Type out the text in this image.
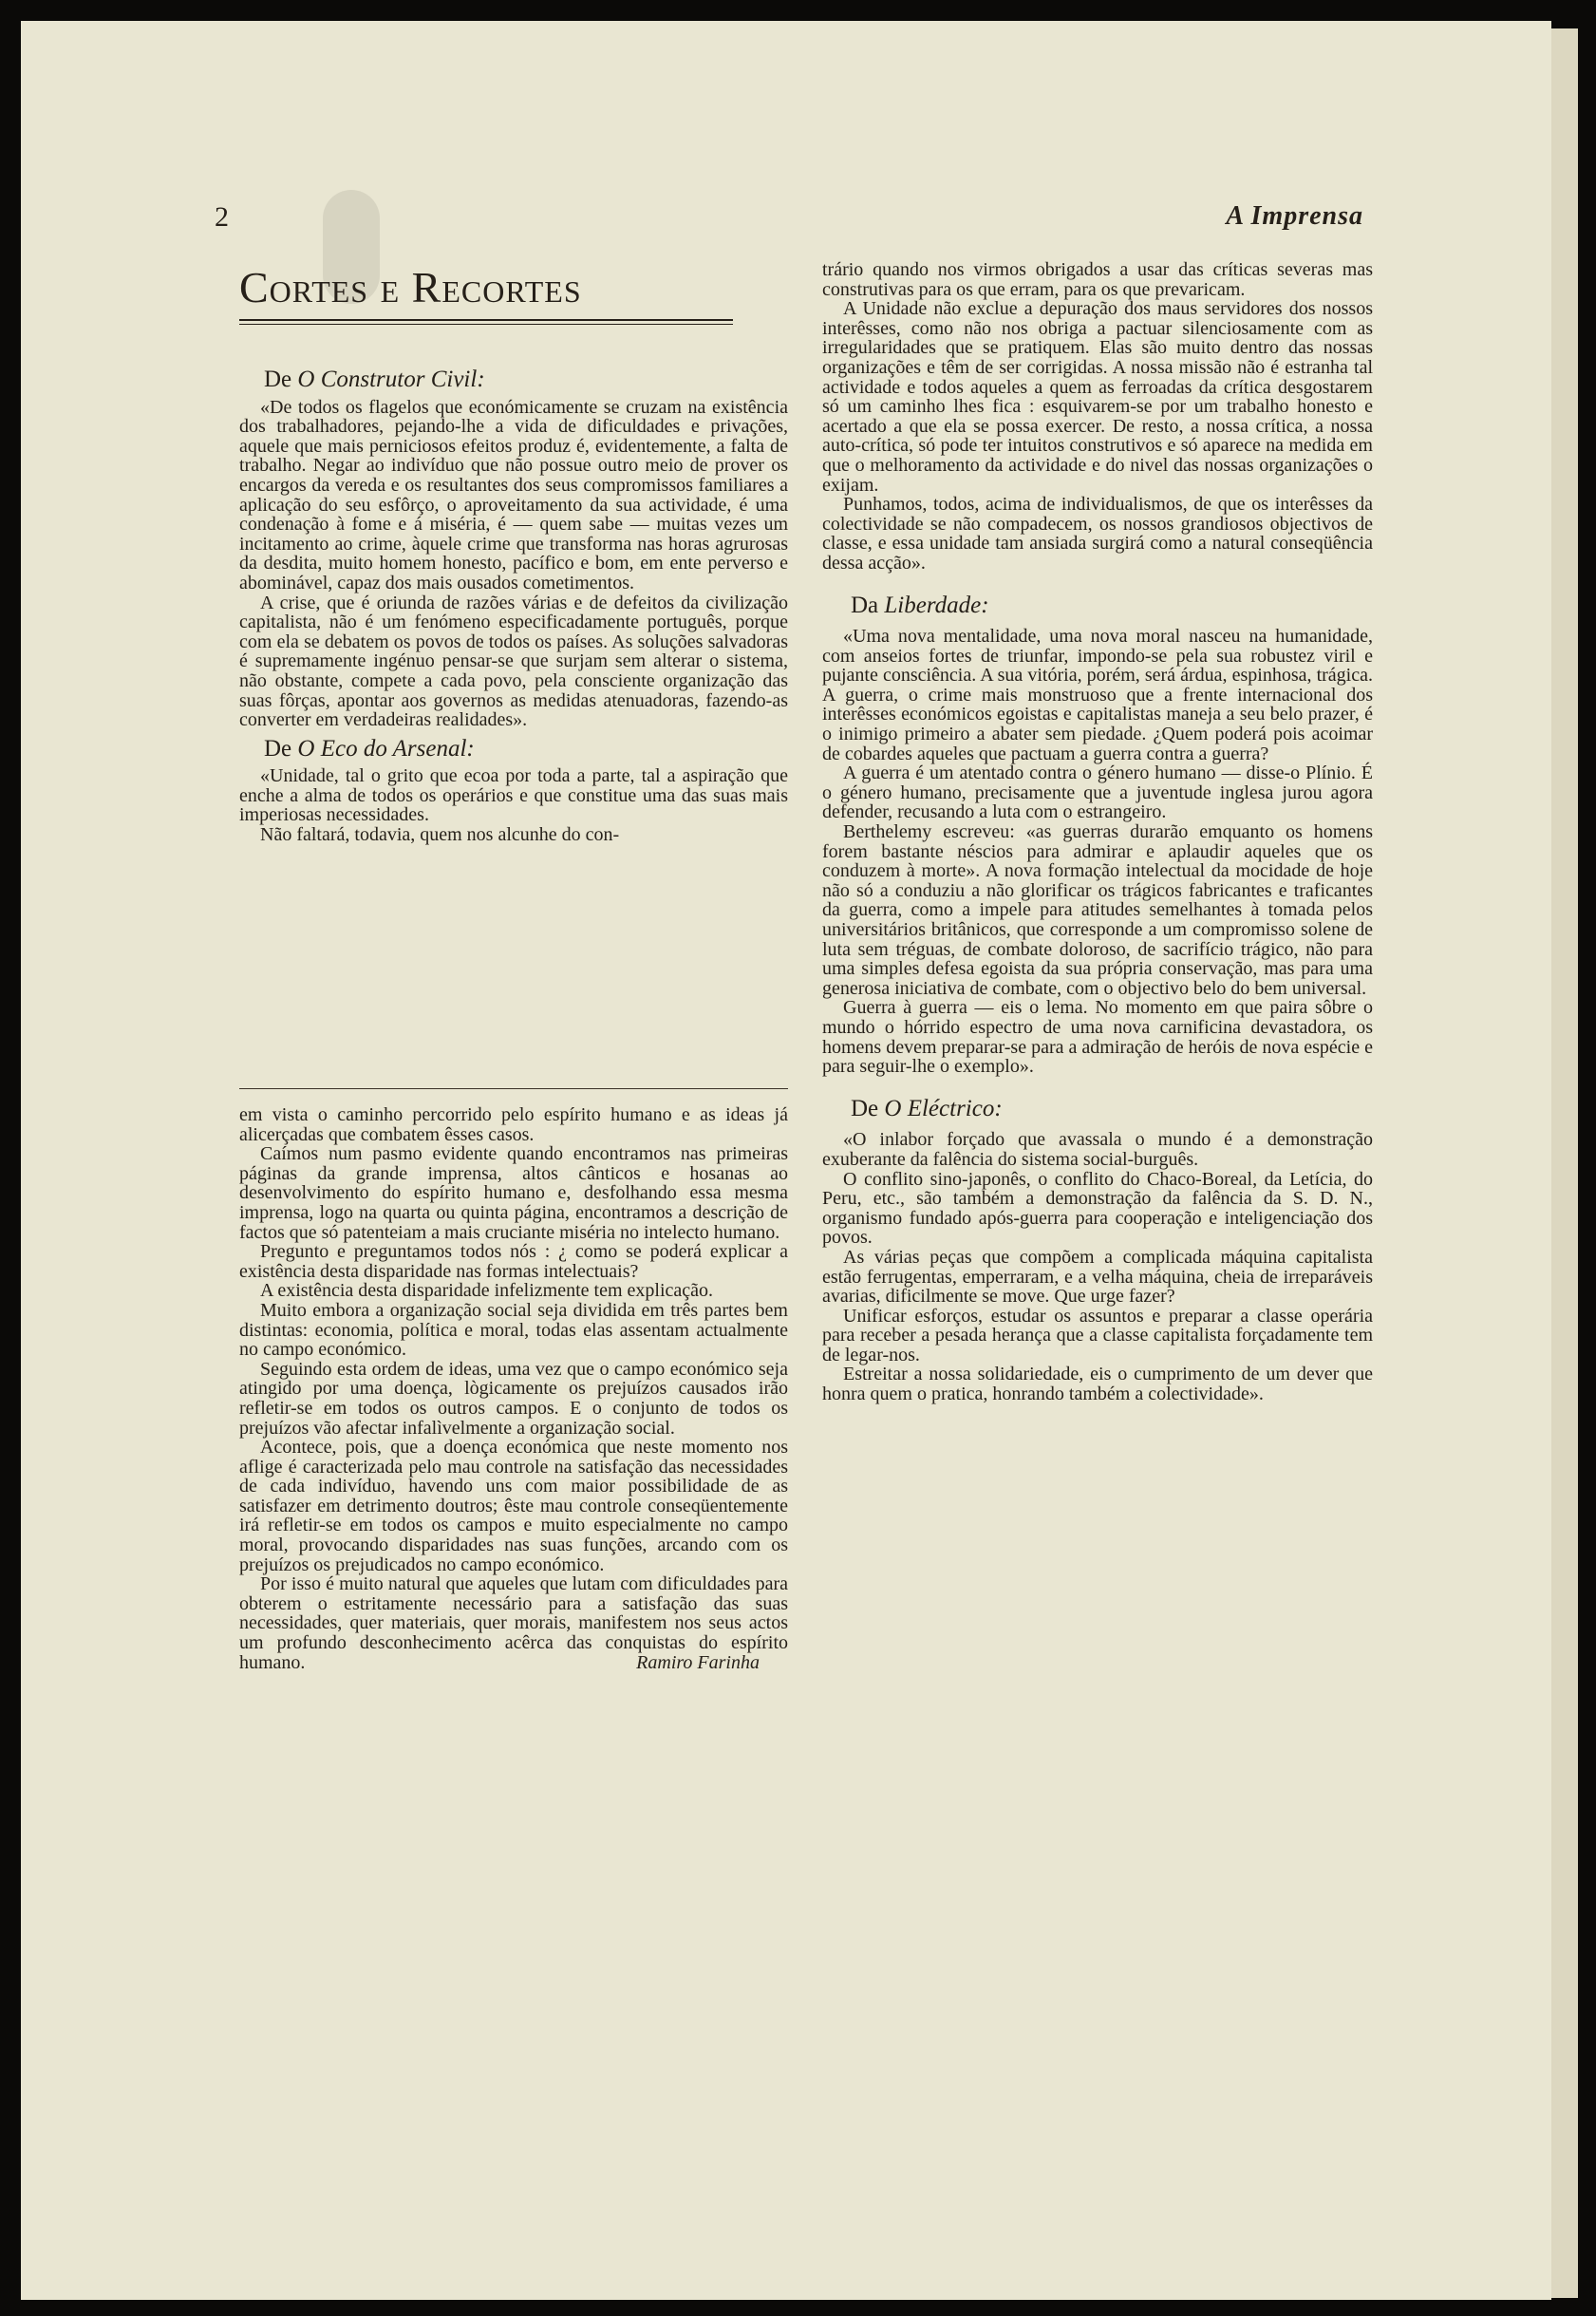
2	A Imprensa
Cortes e Recortes
De O Construtor Civil:

«De todos os flagelos que económicamente se cruzam na existência dos trabalhadores, pejando-lhe a vida de dificuldades e privações, aquele que mais perniciosos efeitos produz é, evidentemente, a falta de trabalho. Negar ao indivíduo que não possue outro meio de prover os encargos da vereda e os resultantes dos seus compromissos familiares a aplicação do seu esfôrço, o aproveitamento da sua actividade, é uma condenação à fome e á miséria, é — quem sabe — muitas vezes um incitamento ao crime, àquele crime que transforma nas horas agrurosas da desdita, muito homem honesto, pacífico e bom, em ente perverso e abominável, capaz dos mais ousados cometimentos.

A crise, que é oriunda de razões várias e de defeitos da civilização capitalista, não é um fenómeno especificadamente português, porque com ela se debatem os povos de todos os países. As soluções salvadoras é supremamente ingénuo pensar-se que surjam sem alterar o sistema, não obstante, compete a cada povo, pela consciente organização das suas fôrças, apontar aos governos as medidas atenuadoras, fazendo-as converter em verdadeiras realidades».

De O Eco do Arsenal:

«Unidade, tal o grito que ecoa por toda a parte, tal a aspiração que enche a alma de todos os operários e que constitue uma das suas mais imperiosas necessidades.

Não faltará, todavia, quem nos alcunhe do con-

em vista o caminho percorrido pelo espírito humano e as ideas já alicerçadas que combatem êsses casos.

Caímos num pasmo evidente quando encontramos nas primeiras páginas da grande imprensa, altos cânticos e hosanas ao desenvolvimento do espírito humano e, desfolhando essa mesma imprensa, logo na quarta ou quinta página, encontramos a descrição de factos que só patenteiam a mais cruciante miséria no intelecto humano.

Pregunto e preguntamos todos nós : ¿ como se poderá explicar a existência desta disparidade nas formas intelectuais?

A existência desta disparidade infelizmente tem explicação.

Muito embora a organização social seja dividida em três partes bem distintas: economia, política e moral, todas elas assentam actualmente no campo económico.

Seguindo esta ordem de ideas, uma vez que o campo económico seja atingido por uma doença, lògicamente os prejuízos causados irão refletir-se em todos os outros campos. E o conjunto de todos os prejuízos vão afectar infalìvelmente a organização social.

Acontece, pois, que a doença económica que neste momento nos aflige é caracterizada pelo mau controle na satisfação das necessidades de cada indivíduo, havendo uns com maior possibilidade de as satisfazer em detrimento doutros; êste mau controle conseqüentemente irá refletir-se em todos os campos e muito especialmente no campo moral, provocando disparidades nas suas funções, arcando com os prejuízos os prejudicados no campo económico.

Por isso é muito natural que aqueles que lutam com dificuldades para obterem o estritamente necessário para a satisfação das suas necessidades, quer materiais, quer morais, manifestem nos seus actos um profundo desconhecimento acêrca das conquistas do espírito humano.	Ramiro Farinha

trário quando nos virmos obrigados a usar das críticas severas mas construtivas para os que erram, para os que prevaricam.

A Unidade não exclue a depuração dos maus servidores dos nossos interêsses, como não nos obriga a pactuar silenciosamente com as irregularidades que se pratiquem. Elas são muito dentro das nossas organizações e têm de ser corrigidas. A nossa missão não é estranha tal actividade e todos aqueles a quem as ferroadas da crítica desgostarem só um caminho lhes fica : esquivarem-se por um trabalho honesto e acertado a que ela se possa exercer. De resto, a nossa crítica, a nossa auto-crítica, só pode ter intuitos construtivos e só aparece na medida em que o melhoramento da actividade e do nivel das nossas organizações o exijam.

Punhamos, todos, acima de individualismos, de que os interêsses da colectividade se não compadecem, os nossos grandiosos objectivos de classe, e essa unidade tam ansiada surgirá como a natural conseqüência dessa acção».

Da Liberdade:

«Uma nova mentalidade, uma nova moral nasceu na humanidade, com anseios fortes de triunfar, impondo-se pela sua robustez viril e pujante consciência. A sua vitória, porém, será árdua, espinhosa, trágica. A guerra, o crime mais monstruoso que a frente internacional dos interêsses económicos egoistas e capitalistas maneja a seu belo prazer, é o inimigo primeiro a abater sem piedade. ¿Quem poderá pois acoimar de cobardes aqueles que pactuam a guerra contra a guerra?

A guerra é um atentado contra o género humano — disse-o Plínio. É o género humano, precisamente que a juventude inglesa jurou agora defender, recusando a luta com o estrangeiro.

Berthelemy escreveu: «as guerras durarão emquanto os homens forem bastante néscios para admirar e aplaudir aqueles que os conduzem à morte». A nova formação intelectual da mocidade de hoje não só a conduziu a não glorificar os trágicos fabricantes e traficantes da guerra, como a impele para atitudes semelhantes à tomada pelos universitários britânicos, que corresponde a um compromisso solene de luta sem tréguas, de combate doloroso, de sacrifício trágico, não para uma simples defesa egoista da sua própria conservação, mas para uma generosa iniciativa de combate, com o objectivo belo do bem universal.

Guerra à guerra — eis o lema. No momento em que paira sôbre o mundo o hórrido espectro de uma nova carnificina devastadora, os homens devem preparar-se para a admiração de heróis de nova espécie e para seguir-lhe o exemplo».

De O Eléctrico:

«O inlabor forçado que avassala o mundo é a demonstração exuberante da falência do sistema social-burguês.

O conflito sino-japonês, o conflito do Chaco-Boreal, da Letícia, do Peru, etc., são também a demonstração da falência da S. D. N., organismo fundado após-guerra para cooperação e inteligenciação dos povos.

As várias peças que compõem a complicada máquina capitalista estão ferrugentas, emperraram, e a velha máquina, cheia de irreparáveis avarias, dificilmente se move. Que urge fazer?

Unificar esforços, estudar os assuntos e preparar a classe operária para receber a pesada herança que a classe capitalista forçadamente tem de legar-nos.

Estreitar a nossa solidariedade, eis o cumprimento de um dever que honra quem o pratica, honrando também a colectividade».
